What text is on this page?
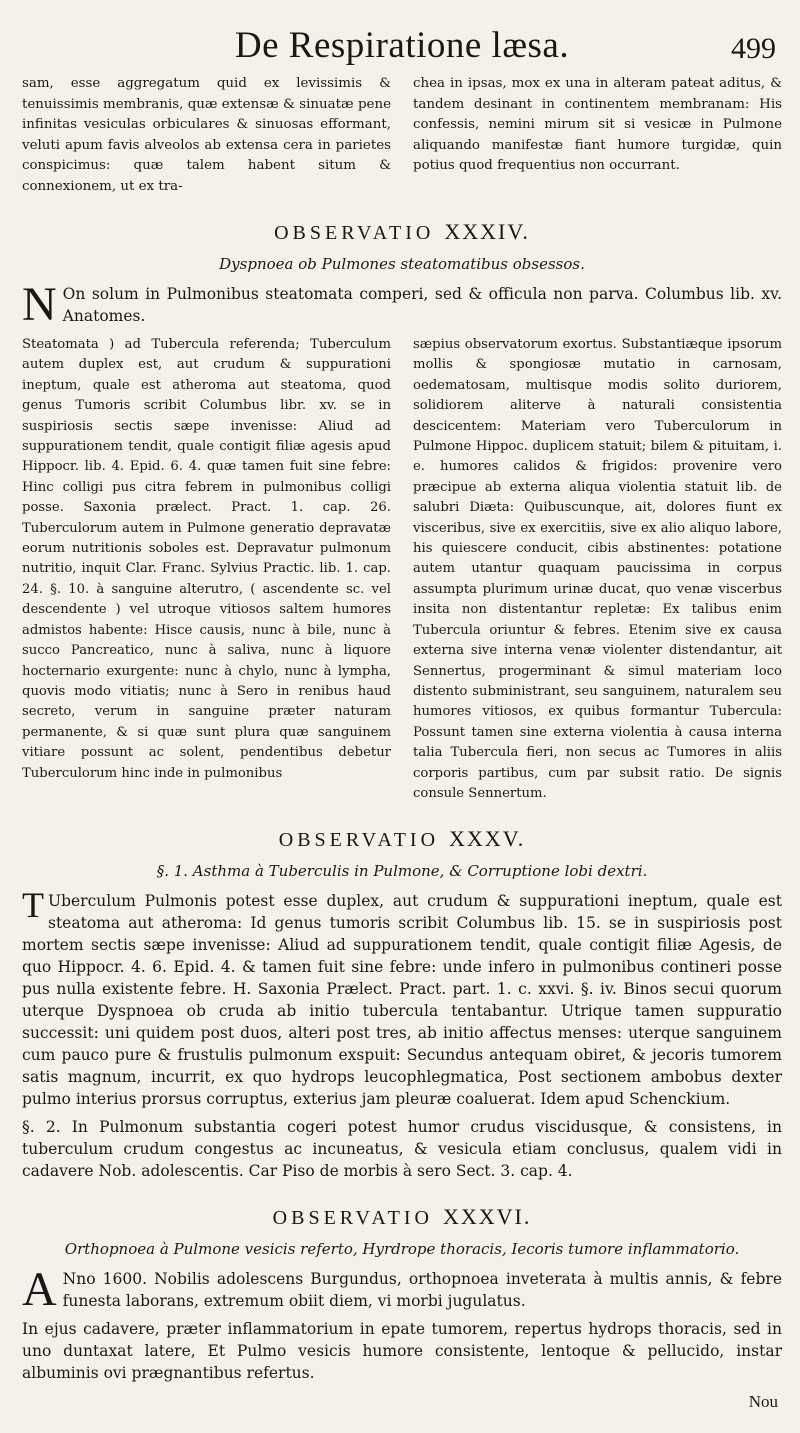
De Respiratione læsa.	499

sam, esse aggregatum quid ex levissimis & tenuissimis membranis, quæ extensæ & sinuatæ pene infinitas vesiculas orbiculares & sinuosas efformant, veluti apum favis alveolos ab extensa cera in parietes conspicimus: quæ talem habent situm & connexionem, ut ex tra-

chea in ipsas, mox ex una in alteram pateat aditus, & tandem desinant in continentem membranam: His confessis, nemini mirum sit si vesicæ in Pulmone aliquando manifestæ fiant humore turgidæ, quin potius quod frequentius non occurrant.

OBSERVATIO XXXIV.
Dyspnoea ob Pulmones steatomatibus obsessos.

N On solum in Pulmonibus steatomata comperi, sed & officula non parva. Columbus lib. xv. Anatomes.

Steatomata ) ad Tubercula referenda; Tuberculum autem duplex est, aut crudum & suppurationi ineptum, quale est atheroma aut steatoma, quod genus Tumoris scribit Columbus libr. xv. se in suspiriosis sectis sæpe invenisse: Aliud ad suppurationem tendit, quale contigit filiæ agesis apud Hippocr. lib. 4. Epid. 6. 4. quæ tamen fuit sine febre: Hinc colligi pus citra febrem in pulmonibus colligi posse. Saxonia prælect. Pract. 1. cap. 26. Tuberculorum autem in Pulmone generatio depravatæ eorum nutritionis soboles est. Depravatur pulmonum nutritio, inquit Clar. Franc. Sylvius Practic. lib. 1. cap. 24. §. 10. à sanguine alterutro, ( ascendente sc. vel descendente ) vel utroque vitiosos saltem humores admistos habente: Hisce causis, nunc à bile, nunc à succo Pancreatico, nunc à saliva, nunc à liquore hocternario exurgente: nunc à chylo, nunc à lympha, quovis modo vitiatis; nunc à Sero in renibus haud secreto, verum in sanguine præter naturam permanente, & si quæ sunt plura quæ sanguinem vitiare possunt ac solent, pendentibus debetur Tuberculorum hinc inde in pulmonibus

sæpius observatorum exortus. Substantiæque ipsorum mollis & spongiosæ mutatio in carnosam, oedematosam, multisque modis solito duriorem, solidiorem aliterve à naturali consistentia descicentem: Materiam vero Tuberculorum in Pulmone Hippoc. duplicem statuit; bilem & pituitam, i. e. humores calidos & frigidos: provenire vero præcipue ab externa aliqua violentia statuit lib. de salubri Diæta: Quibuscunque, ait, dolores fiunt ex visceribus, sive ex exercitiis, sive ex alio aliquo labore, his quiescere conducit, cibis abstinentes: potatione autem utantur quaquam paucissima in corpus assumpta plurimum urinæ ducat, quo venæ viscerbus insita non distentantur repletæ: Ex talibus enim Tubercula oriuntur & febres. Etenim sive ex causa externa sive interna venæ violenter distendantur, ait Sennertus, progerminant & simul materiam loco distento subministrant, seu sanguinem, naturalem seu humores vitiosos, ex quibus formantur Tubercula: Possunt tamen sine externa violentia à causa interna talia Tubercula fieri, non secus ac Tumores in aliis corporis partibus, cum par subsit ratio. De signis consule Sennertum.

OBSERVATIO XXXV.
§. 1. Asthma à Tuberculis in Pulmone, & Corruptione lobi dextri.

T Uberculum Pulmonis potest esse duplex, aut crudum & suppurationi ineptum, quale est steatoma aut atheroma: Id genus tumoris scribit Columbus lib. 15. se in suspiriosis post mortem sectis sæpe invenisse: Aliud ad suppurationem tendit, quale contigit filiæ Agesis, de quo Hippocr. 4. 6. Epid. 4. & tamen fuit sine febre: unde infero in pulmonibus contineri posse pus nulla existente febre. H. Saxonia Prælect. Pract. part. 1. c. xxvi. §. iv. Binos secui quorum uterque Dyspnoea ob cruda ab initio tubercula tentabantur. Utrique tamen suppuratio successit: uni quidem post duos, alteri post tres, ab initio affectus menses: uterque sanguinem cum pauco pure & frustulis pulmonum exspuit: Secundus antequam obiret, & jecoris tumorem satis magnum, incurrit, ex quo hydrops leucophlegmatica, Post sectionem ambobus dexter pulmo interius prorsus corruptus, exterius jam pleuræ coaluerat. Idem apud Schenckium.

§. 2. In Pulmonum substantia cogeri potest humor crudus viscidusque, & consistens, in tuberculum crudum congestus ac incuneatus, & vesicula etiam conclusus, qualem vidi in cadavere Nob. adolescentis. Car Piso de morbis à sero Sect. 3. cap. 4.

OBSERVATIO XXXVI.
Orthopnoea à Pulmone vesicis referto, Hyrdrope thoracis, Iecoris tumore inflammatorio.

A Nno 1600. Nobilis adolescens Burgundus, orthopnoea inveterata à multis annis, & febre funesta laborans, extremum obiit diem, vi morbi jugulatus.

In ejus cadavere, præter inflammatorium in epate tumorem, repertus hydrops thoracis, sed in uno duntaxat latere, Et Pulmo vesicis humore consistente, lentoque & pellucido, instar albuminis ovi prægnantibus refertus.

Nou
